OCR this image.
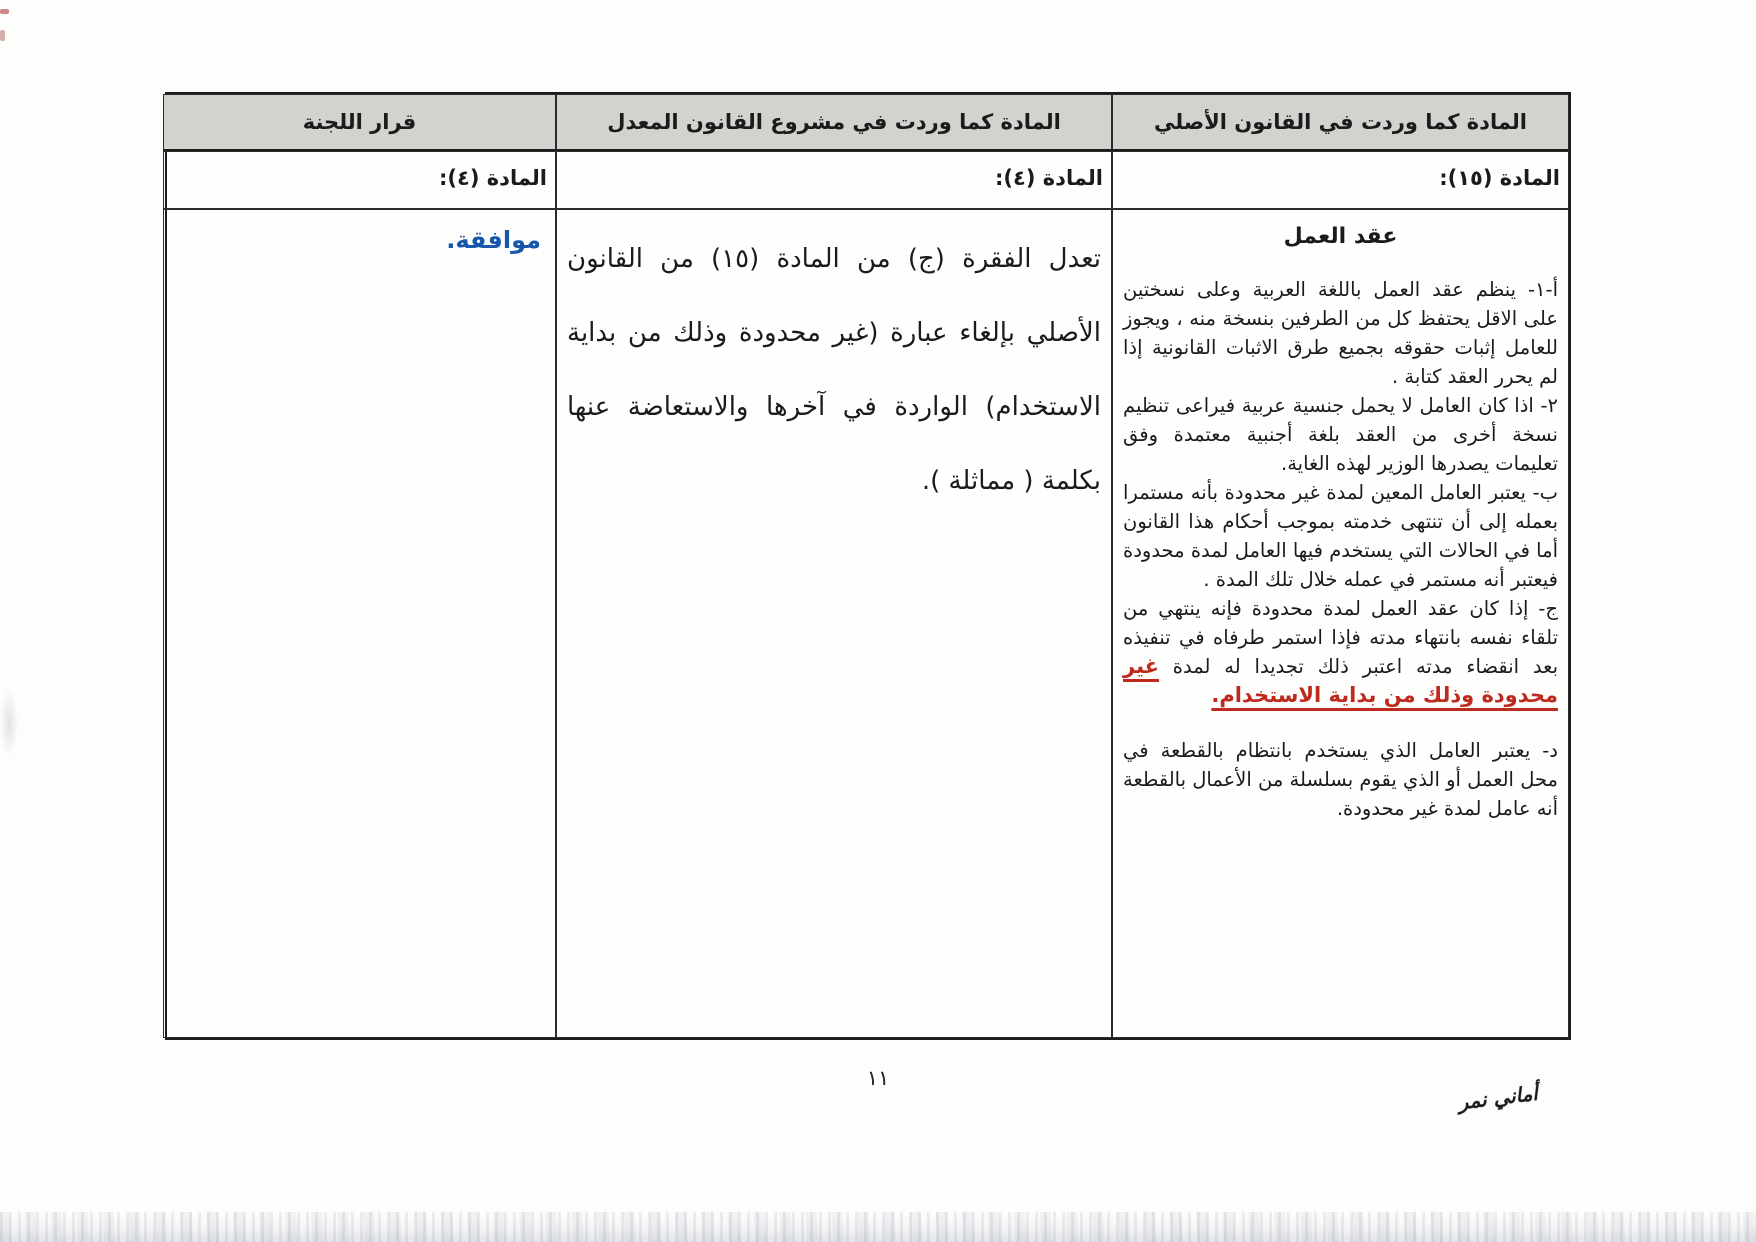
المادة كما وردت في القانون الأصلي
المادة كما وردت في مشروع القانون المعدل
قرار اللجنة
المادة (١٥):
المادة (٤):
المادة (٤):
عقد العمل

أ-١- ينظم عقد العمل باللغة العربية وعلى نسختين على الاقل يحتفظ كل من الطرفين بنسخة منه ، ويجوز للعامل إثبات حقوقه بجميع طرق الاثبات القانونية إذا لم يحرر العقد كتابة .

٢- اذا كان العامل لا يحمل جنسية عربية فيراعى تنظيم نسخة أخرى من العقد بلغة أجنبية معتمدة وفق تعليمات يصدرها الوزير لهذه الغاية.

ب- يعتبر العامل المعين لمدة غير محدودة بأنه مستمرا بعمله إلى أن تنتهى خدمته بموجب أحكام هذا القانون أما في الحالات التي يستخدم فيها العامل لمدة محدودة فيعتبر أنه مستمر في عمله خلال تلك المدة .

ج- إذا كان عقد العمل لمدة محدودة فإنه ينتهي من تلقاء نفسه بانتهاء مدته فإذا استمر طرفاه في تنفيذه بعد انقضاء مدته اعتبر ذلك تجديدا له لمدة غير محدودة وذلك من بداية الاستخدام.

د- يعتبر العامل الذي يستخدم بانتظام بالقطعة في محل العمل أو الذي يقوم بسلسلة من الأعمال بالقطعة أنه عامل لمدة غير محدودة.

تعدل الفقرة (ج) من المادة (١٥) من القانون الأصلي بإلغاء عبارة (غير محدودة وذلك من بداية الاستخدام) الواردة في آخرها والاستعاضة عنها بكلمة ( مماثلة ).

موافقة.

١١
أماني نمر
